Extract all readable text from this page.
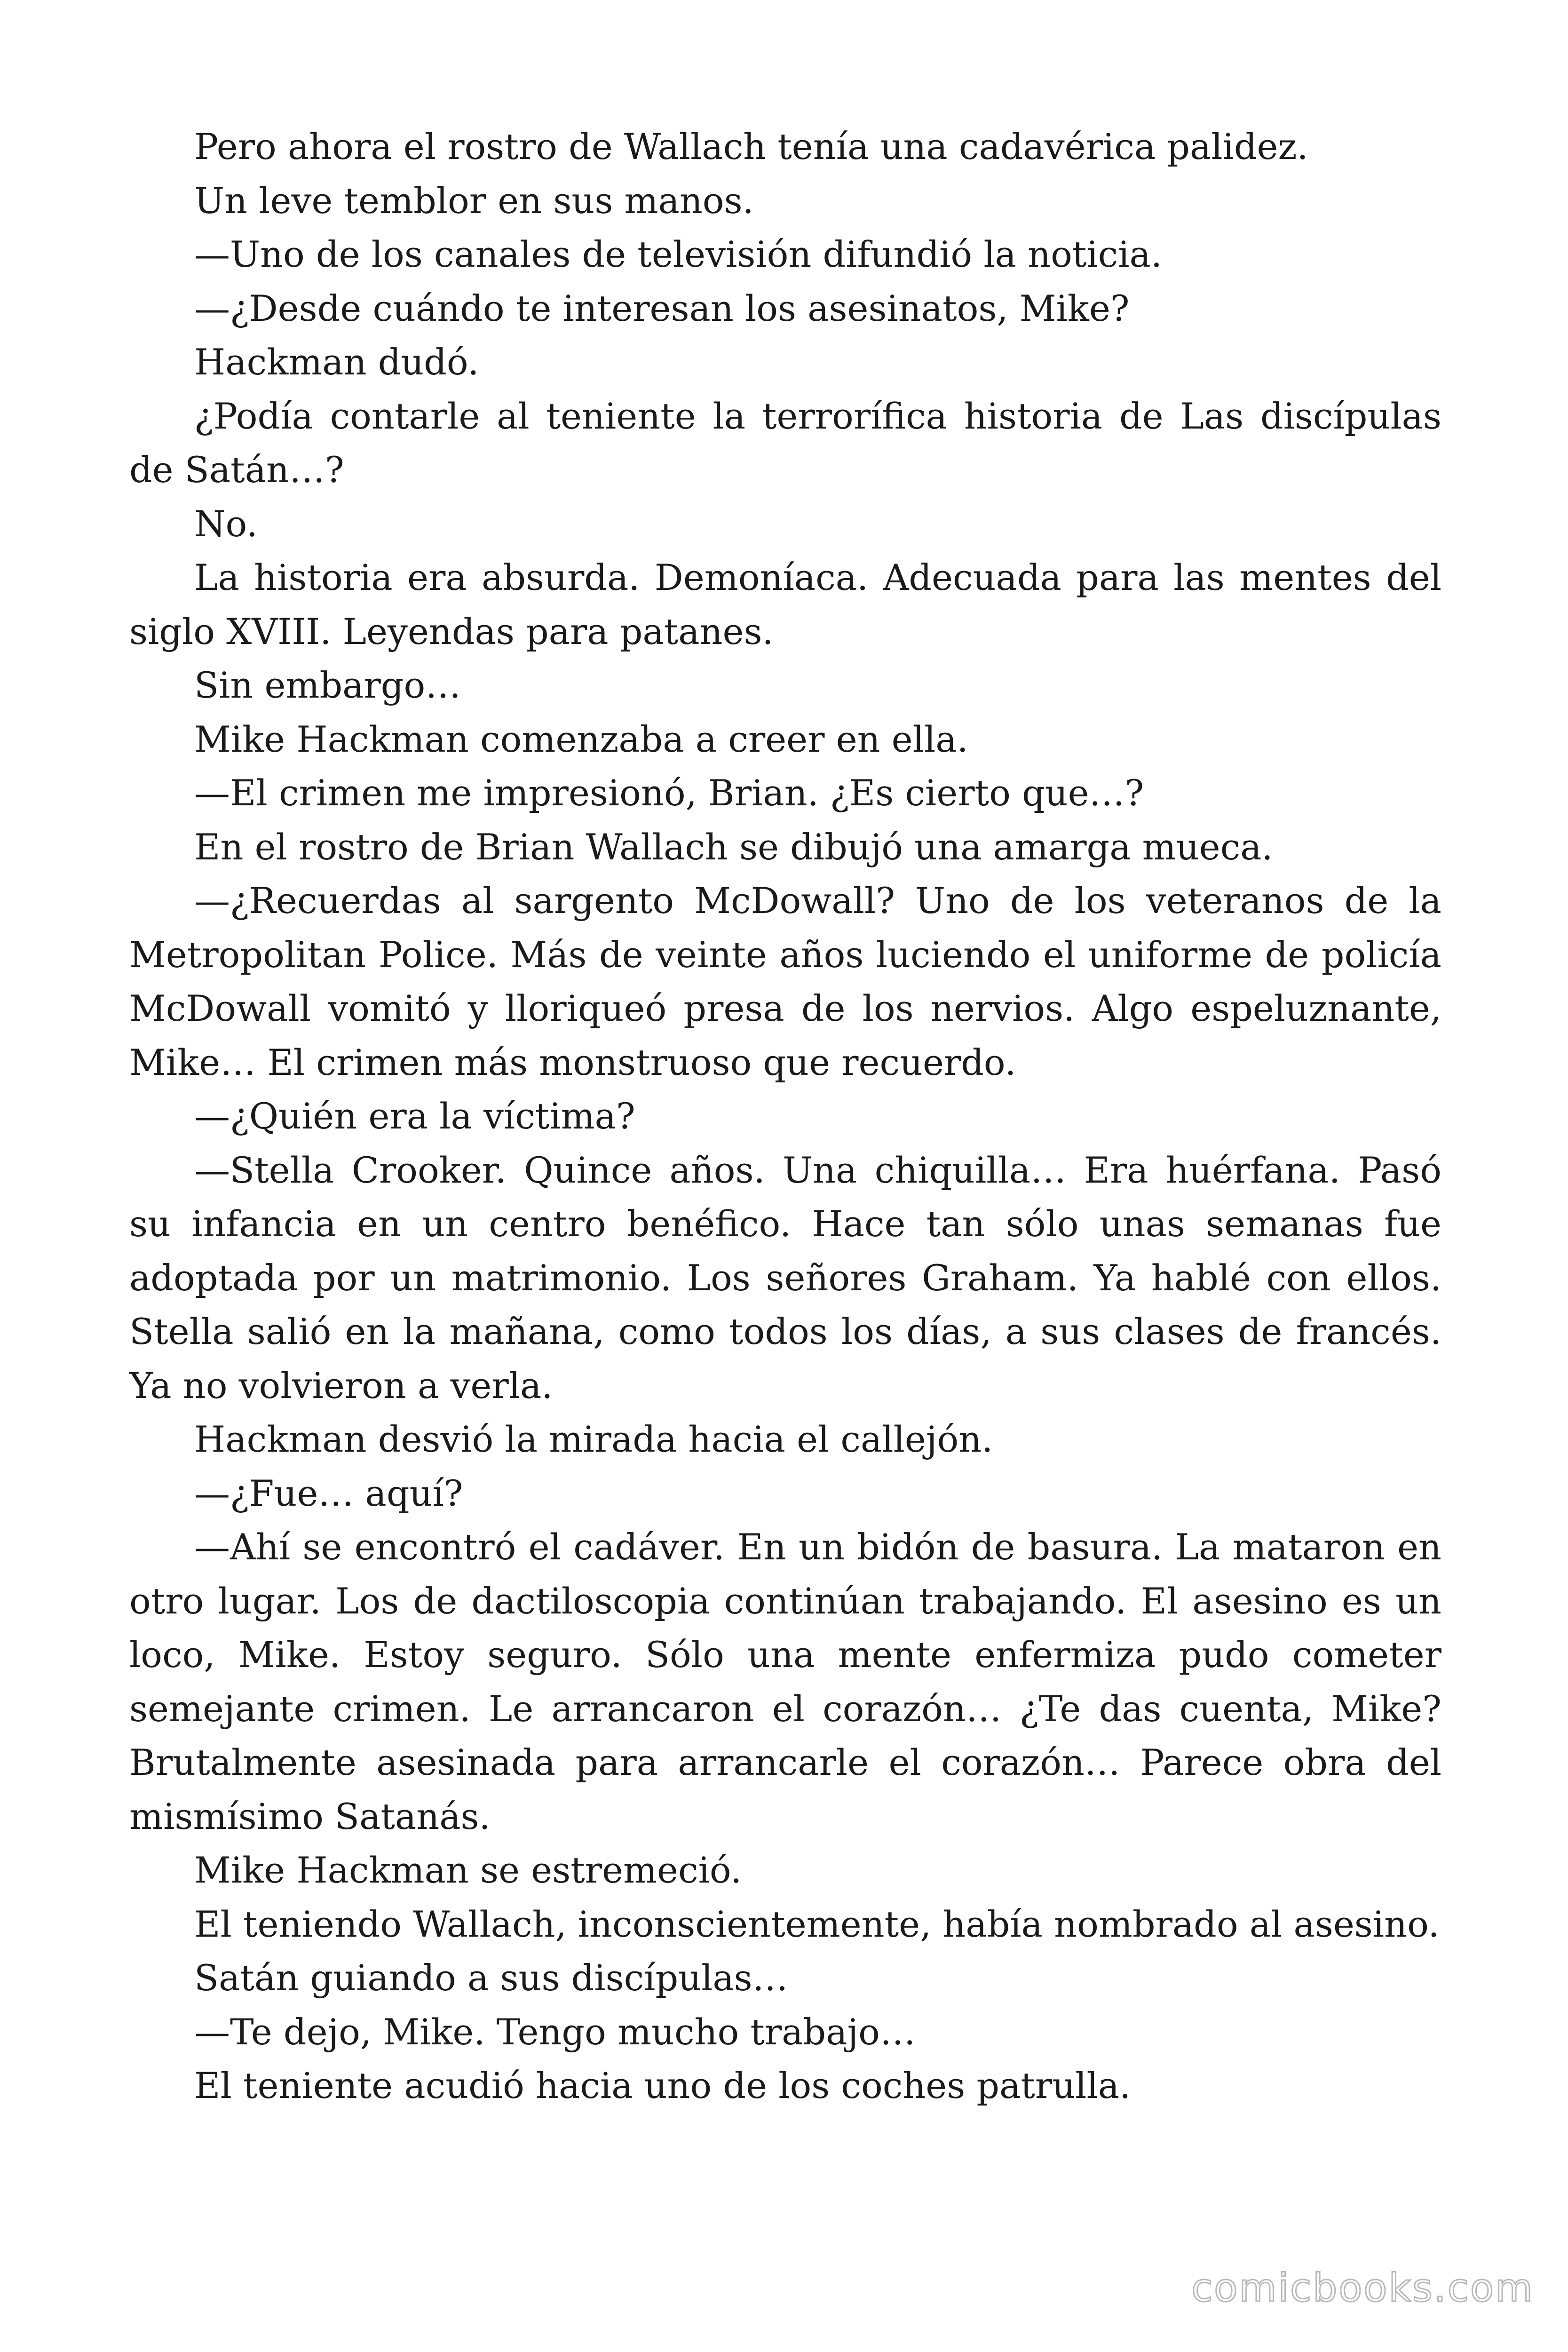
Pero ahora el rostro de Wallach tenía una cadavérica palidez.

Un leve temblor en sus manos.

—Uno de los canales de televisión difundió la noticia.

—¿Desde cuándo te interesan los asesinatos, Mike?

Hackman dudó.

¿Podía contarle al teniente la terrorífica historia de Las discípulas de Satán…?

No.

La historia era absurda. Demoníaca. Adecuada para las mentes del siglo XVIII. Leyendas para patanes.

Sin embargo…

Mike Hackman comenzaba a creer en ella.

—El crimen me impresionó, Brian. ¿Es cierto que…?

En el rostro de Brian Wallach se dibujó una amarga mueca.

—¿Recuerdas al sargento McDowall? Uno de los veteranos de la Metropolitan Police. Más de veinte años luciendo el uniforme de policía McDowall vomitó y lloriqueó presa de los nervios. Algo espeluznante, Mike… El crimen más monstruoso que recuerdo.

—¿Quién era la víctima?

—Stella Crooker. Quince años. Una chiquilla… Era huérfana. Pasó su infancia en un centro benéfico. Hace tan sólo unas semanas fue adoptada por un matrimonio. Los señores Graham. Ya hablé con ellos. Stella salió en la mañana, como todos los días, a sus clases de francés. Ya no volvieron a verla.

Hackman desvió la mirada hacia el callejón.

—¿Fue… aquí?

—Ahí se encontró el cadáver. En un bidón de basura. La mataron en otro lugar. Los de dactiloscopia continúan trabajando. El asesino es un loco, Mike. Estoy seguro. Sólo una mente enfermiza pudo cometer semejante crimen. Le arrancaron el corazón… ¿Te das cuenta, Mike? Brutalmente asesinada para arrancarle el corazón… Parece obra del mismísimo Satanás.

Mike Hackman se estremeció.

El teniendo Wallach, inconscientemente, había nombrado al asesino.

Satán guiando a sus discípulas…

—Te dejo, Mike. Tengo mucho trabajo…

El teniente acudió hacia uno de los coches patrulla.

comicbooks.com
